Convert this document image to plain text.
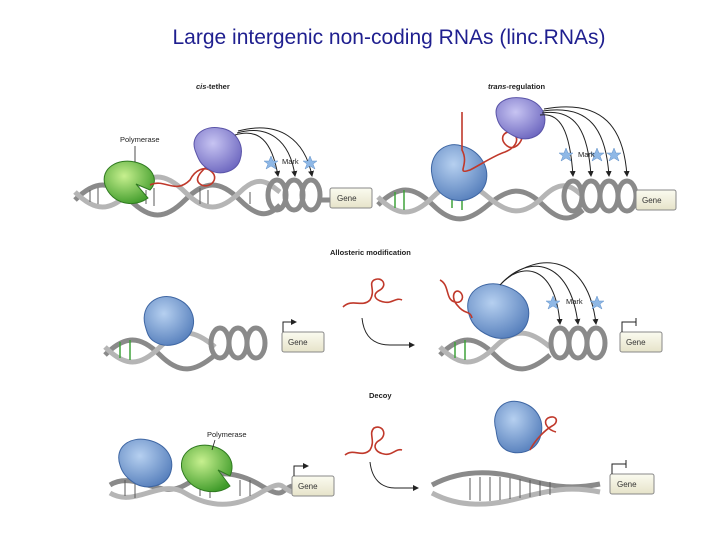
Large intergenic non-coding RNAs (linc.RNAs)
cis-tether
Gene
Polymerase
Mark
trans-regulation
Gene
Mark
Allosteric modification
Gene	Gene
Mark
Decoy
Gene
Polymerase
Gene
